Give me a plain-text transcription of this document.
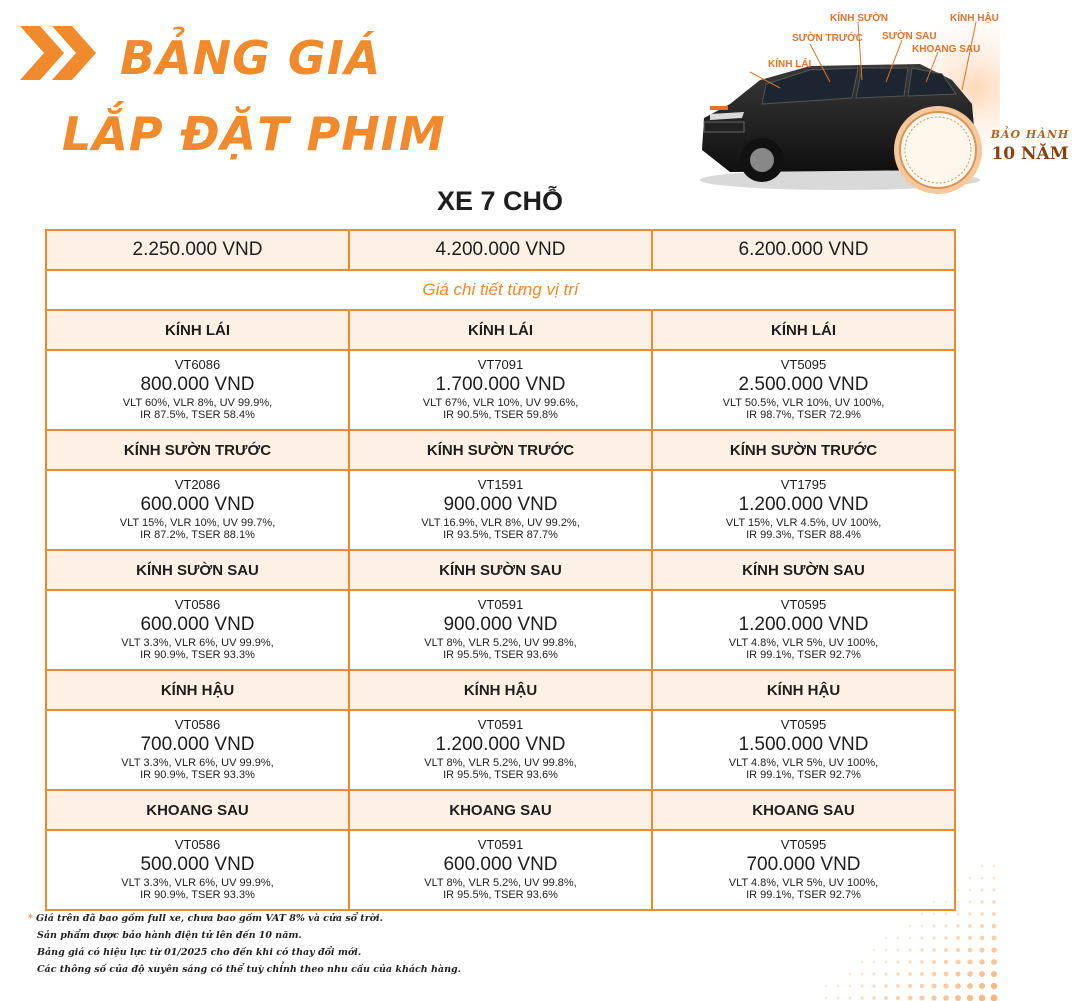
BẢNG GIÁ
LẮP ĐẶT PHIM
XE 7 CHỖ
KÍNH SƯỜN	KÍNH HẬU
SƯỜN TRƯỚC SƯỜN SAU
KHOANG SAU
KÍNH LÁI
BẢO HÀNH
10 NĂM
2.250.000 VND	4.200.000 VND	6.200.000 VND
Giá chi tiết từng vị trí		
KÍNH LÁI	KÍNH LÁI	KÍNH LÁI

VT6086
800.000 VND
VLT 60%, VLR 8%, UV 99.9%,
IR 87.5%, TSER 58.4%	VT7091
1.700.000 VND
VLT 67%, VLR 10%, UV 99.6%,
IR 90.5%, TSER 59.8%	VT5095
2.500.000 VND
VLT 50.5%, VLR 10%, UV 100%,
IR 98.7%, TSER 72.9%

KÍNH SƯỜN TRƯỚC	KÍNH SƯỜN TRƯỚC	KÍNH SƯỜN TRƯỚC

VT2086
600.000 VND
VLT 15%, VLR 10%, UV 99.7%,
IR 87.2%, TSER 88.1%	VT1591
900.000 VND
VLT 16.9%, VLR 8%, UV 99.2%,
IR 93.5%, TSER 87.7%	VT1795
1.200.000 VND
VLT 15%, VLR 4.5%, UV 100%,
IR 99.3%, TSER 88.4%

KÍNH SƯỜN SAU	KÍNH SƯỜN SAU	KÍNH SƯỜN SAU

VT0586
600.000 VND
VLT 3.3%, VLR 6%, UV 99.9%,
IR 90.9%, TSER 93.3%	VT0591
900.000 VND
VLT 8%, VLR 5.2%, UV 99.8%,
IR 95.5%, TSER 93.6%	VT0595
1.200.000 VND
VLT 4.8%, VLR 5%, UV 100%,
IR 99.1%, TSER 92.7%

KÍNH HẬU	KÍNH HẬU	KÍNH HẬU

VT0586
700.000 VND
VLT 3.3%, VLR 6%, UV 99.9%,
IR 90.9%, TSER 93.3%	VT0591
1.200.000 VND
VLT 8%, VLR 5.2%, UV 99.8%,
IR 95.5%, TSER 93.6%	VT0595
1.500.000 VND
VLT 4.8%, VLR 5%, UV 100%,
IR 99.1%, TSER 92.7%

KHOANG SAU	KHOANG SAU	KHOANG SAU

VT0586
500.000 VND
VLT 3.3%, VLR 6%, UV 99.9%,
IR 90.9%, TSER 93.3%	VT0591
600.000 VND
VLT 8%, VLR 5.2%, UV 99.8%,
IR 95.5%, TSER 93.6%	VT0595
700.000 VND
VLT 4.8%, VLR 5%, UV 100%,
IR 99.1%, TSER 92.7%
* Giá trên đã bao gồm full xe, chưa bao gồm VAT 8% và cửa sổ trời.
Sản phẩm được bảo hành điện tử lên đến 10 năm.
Bảng giá có hiệu lực từ 01/2025 cho đến khi có thay đổi mới.
Các thông số của độ xuyên sáng có thể tuỳ chỉnh theo nhu cầu của khách hàng.
